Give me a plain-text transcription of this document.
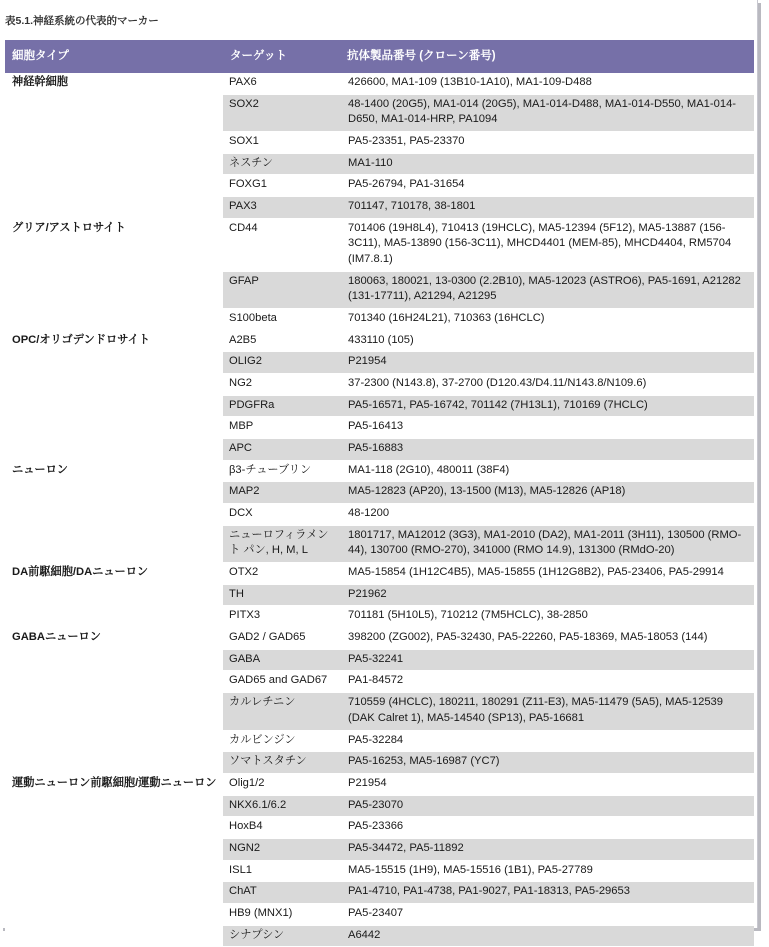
表5.1.神経系統の代表的マーカー
細胞タイプ	ターゲット	抗体製品番号 (クローン番号)
神経幹細胞	PAX6	426600, MA1-109 (13B10-1A10), MA1-109-D488
	SOX2	48-1400 (20G5), MA1-014 (20G5), MA1-014-D488, MA1-014-D550, MA1-014-D650, MA1-014-HRP, PA1094
	SOX1	PA5-23351, PA5-23370
	ネスチン	MA1-110
	FOXG1	PA5-26794, PA1-31654
	PAX3	701147, 710178, 38-1801
グリア/アストロサイト	CD44	701406 (19H8L4), 710413 (19HCLC), MA5-12394 (5F12), MA5-13887 (156-3C11), MA5-13890 (156-3C11), MHCD4401 (MEM-85), MHCD4404, RM5704 (IM7.8.1)
	GFAP	180063, 180021, 13-0300 (2.2B10), MA5-12023 (ASTRO6), PA5-1691, A21282 (131-17711), A21294, A21295
	S100beta	701340 (16H24L21), 710363 (16HCLC)
OPC/オリゴデンドロサイト	A2B5	433110 (105)
	OLIG2	P21954
	NG2	37-2300 (N143.8), 37-2700 (D120.43/D4.11/N143.8/N109.6)
	PDGFRa	PA5-16571, PA5-16742, 701142 (7H13L1), 710169 (7HCLC)
	MBP	PA5-16413
	APC	PA5-16883
ニューロン	β3-チューブリン	MA1-118 (2G10), 480011 (38F4)
	MAP2	MA5-12823 (AP20), 13-1500 (M13), MA5-12826 (AP18)
	DCX	48-1200
	ニューロフィラメント パン, H, M, L	1801717, MA12012 (3G3), MA1-2010 (DA2), MA1-2011 (3H11), 130500 (RMO-44), 130700 (RMO-270), 341000 (RMO 14.9), 131300 (RMdO-20)
DA前駆細胞/DAニューロン	OTX2	MA5-15854 (1H12C4B5), MA5-15855 (1H12G8B2), PA5-23406, PA5-29914
	TH	P21962
	PITX3	701181 (5H10L5), 710212 (7M5HCLC), 38-2850
GABAニューロン	GAD2 / GAD65	398200 (ZG002), PA5-32430, PA5-22260, PA5-18369, MA5-18053 (144)
	GABA	PA5-32241
	GAD65 and GAD67	PA1-84572
	カルレチニン	710559 (4HCLC), 180211, 180291 (Z11-E3), MA5-11479 (5A5), MA5-12539 (DAK Calret 1), MA5-14540 (SP13), PA5-16681
	カルビンジン	PA5-32284
	ソマトスタチン	PA5-16253, MA5-16987 (YC7)
運動ニューロン前駆細胞/運動ニューロン	Olig1/2	P21954
	NKX6.1/6.2	PA5-23070
	HoxB4	PA5-23366
	NGN2	PA5-34472, PA5-11892
	ISL1	MA5-15515 (1H9), MA5-15516 (1B1), PA5-27789
	ChAT	PA1-4710, PA1-4738, PA1-9027, PA1-18313, PA5-29653
	HB9 (MNX1)	PA5-23407
	シナプシン	A6442
